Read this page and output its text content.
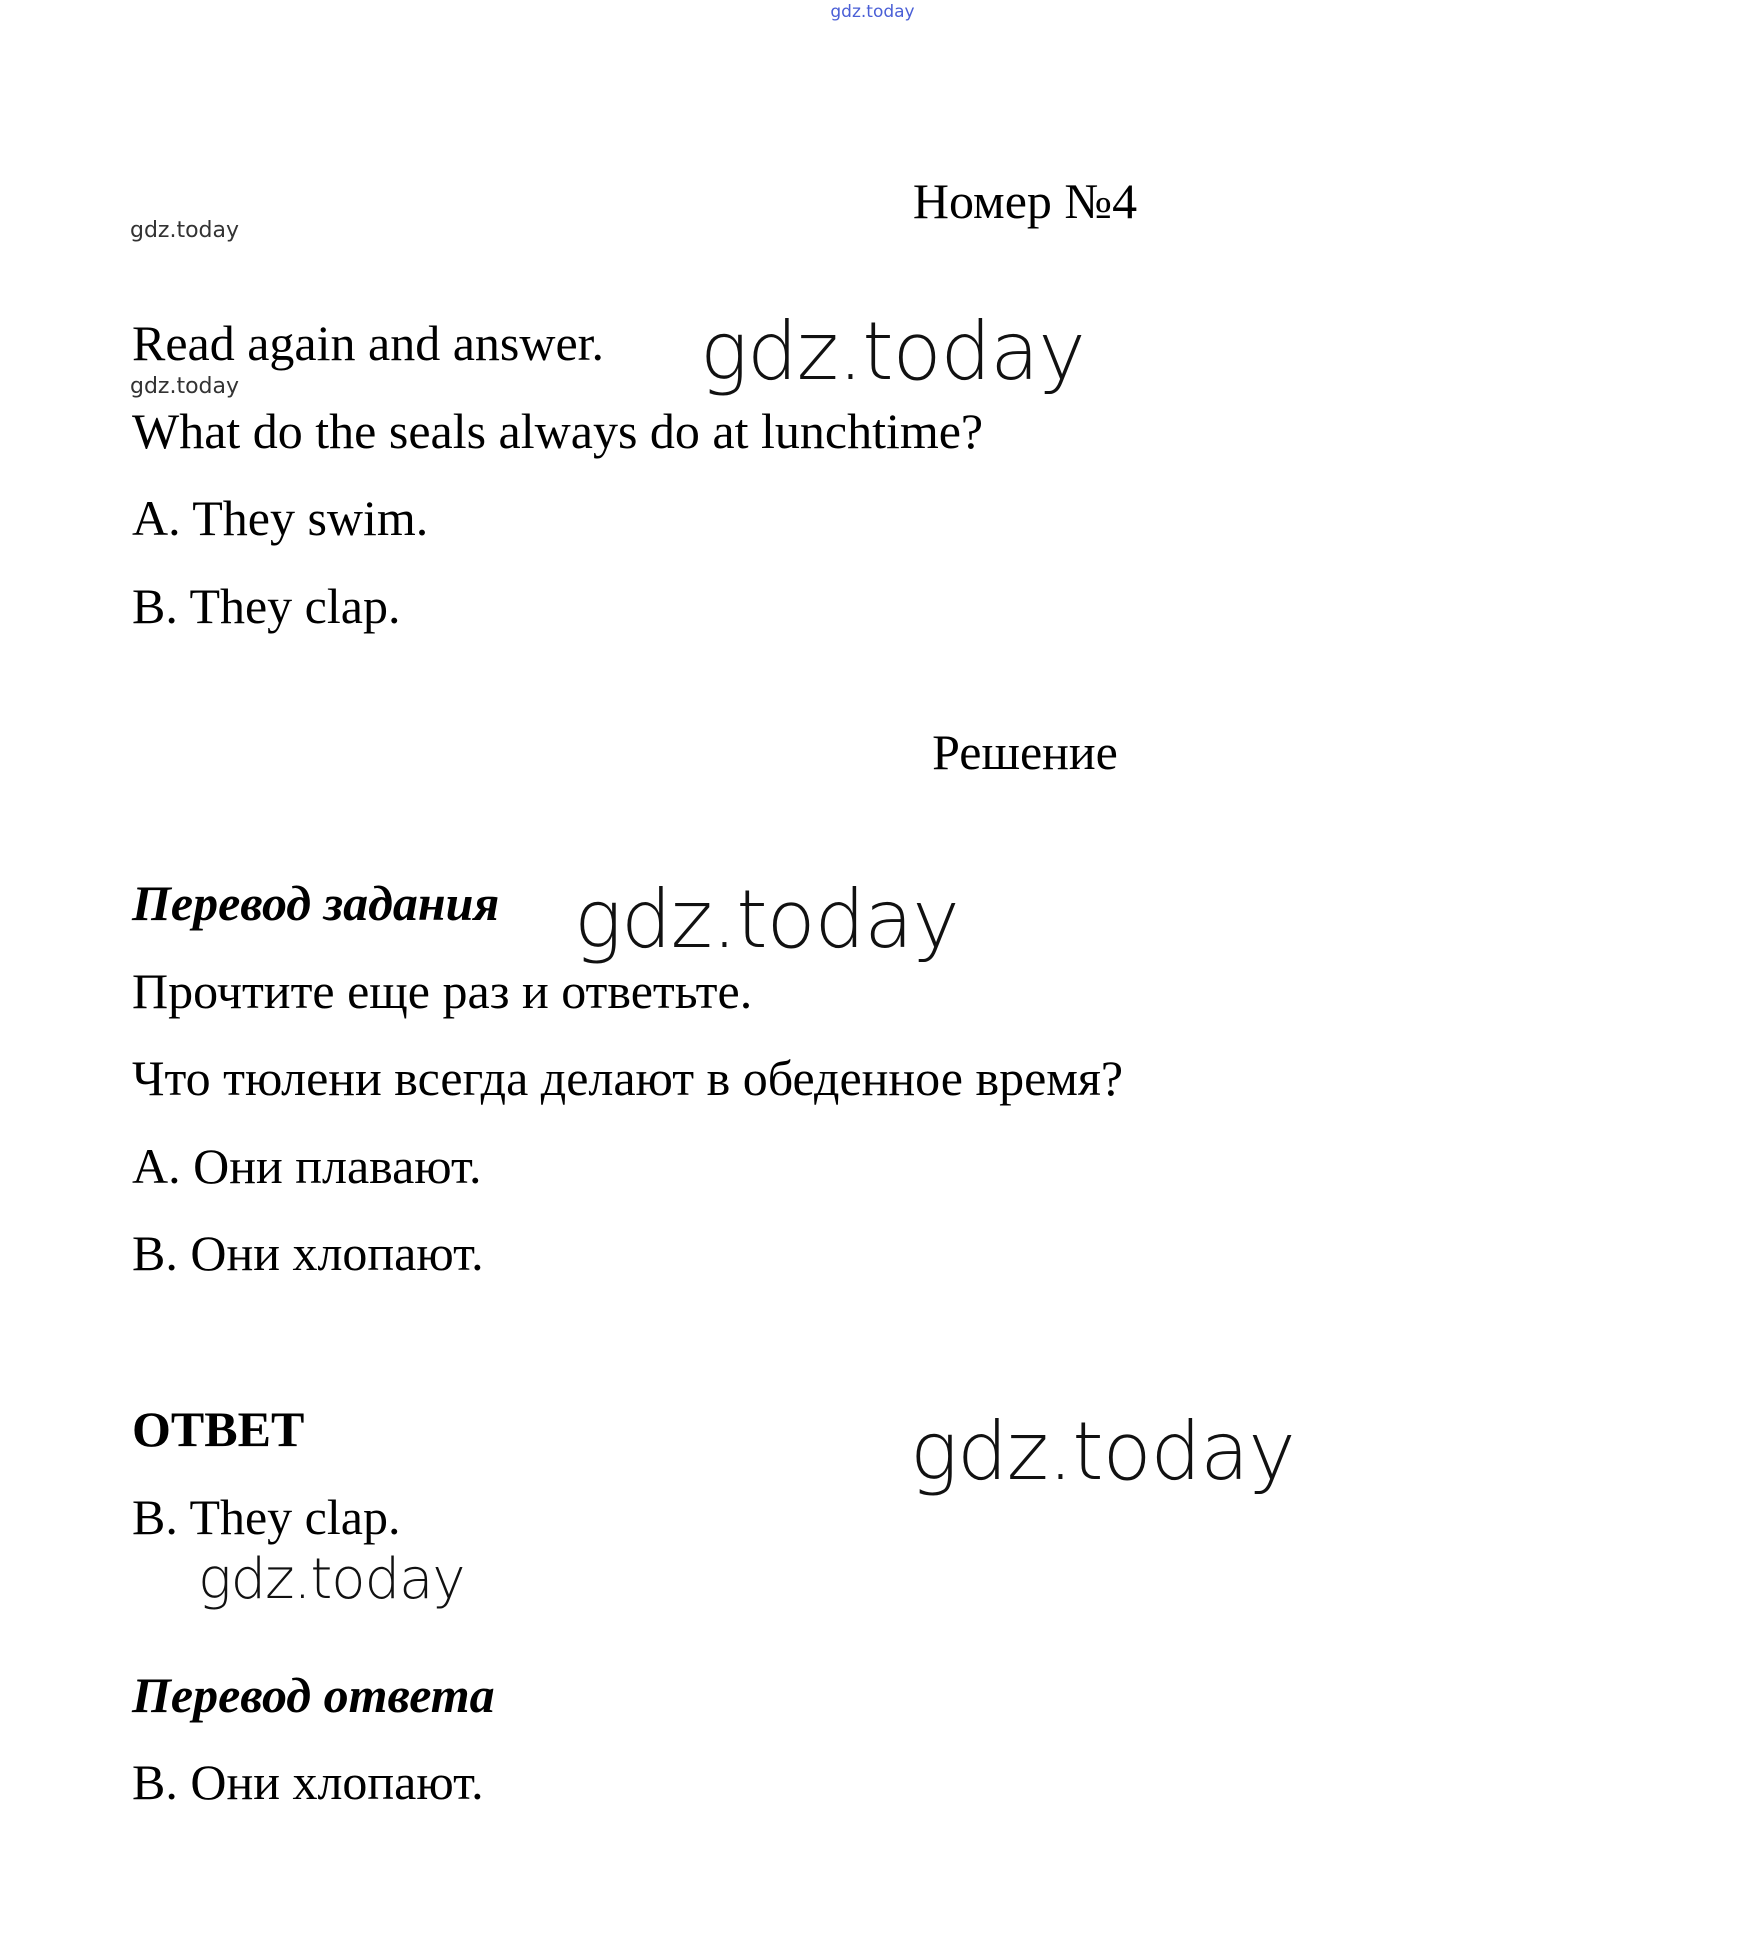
gdz.today
Номер №4
gdz.today
Read again and answer. gdz.today
gdz.today
What do the seals always do at lunchtime?
A. They swim.
B. They clap.
Решение
Перевод задания gdz.today
Прочтите еще раз и ответьте.
Что тюлени всегда делают в обеденное время?
А. Они плавают.
В. Они хлопают.
ОТВЕТ	gdz.today
B. They clap.
gdz.today
Перевод ответа
В. Они хлопают.
